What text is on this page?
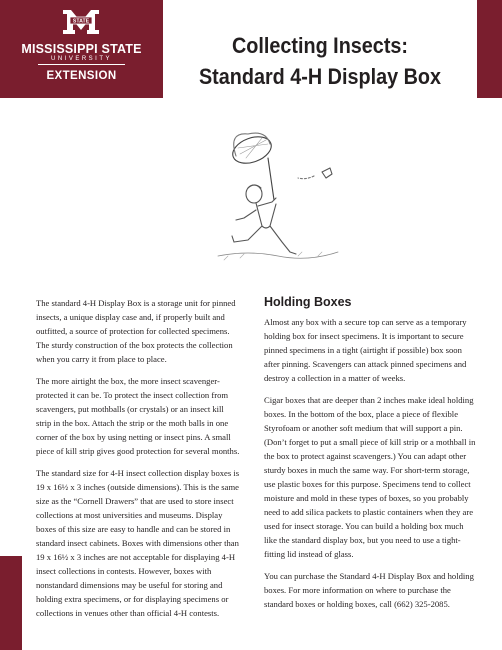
STATE
MISSISSIPPI STATE
UNIVERSITY
EXTENSION
Collecting Insects:
Standard 4-H Display Box

The standard 4-H Display Box is a storage unit for pinned insects, a unique display case and, if properly built and outfitted, a source of protection for collected specimens. The sturdy construction of the box protects the collection when you carry it from place to place.

The more airtight the box, the more insect scavenger-protected it can be. To protect the insect collection from scavengers, put mothballs (or crystals) or an insect kill strip in the box. Attach the strip or the moth balls in one corner of the box by using netting or insect pins. A small piece of kill strip gives good protection for several months.

The standard size for 4-H insect collection display boxes is 19 x 16½ x 3 inches (outside dimensions). This is the same size as the “Cornell Drawers” that are used to store insect collections at most universities and museums. Display boxes of this size are easy to handle and can be stored in standard insect cabinets. Boxes with dimensions other than 19 x 16½ x 3 inches are not acceptable for displaying 4-H insect collections in contests. However, boxes with nonstandard dimensions may be useful for storing and holding extra specimens, or for displaying specimens or collections in venues other than official 4-H contests.

Holding Boxes

Almost any box with a secure top can serve as a temporary holding box for insect specimens. It is important to secure pinned specimens in a tight (airtight if possible) box soon after pinning. Scavengers can attack pinned specimens and destroy a collection in a matter of weeks.

Cigar boxes that are deeper than 2 inches make ideal holding boxes. In the bottom of the box, place a piece of flexible Styrofoam or another soft medium that will support a pin. (Don’t forget to put a small piece of kill strip or a mothball in the box to protect against scavengers.) You can adapt other sturdy boxes in much the same way. For short-term storage, use plastic boxes for this purpose. Specimens tend to collect moisture and mold in these types of boxes, so you probably need to add silica packets to plastic containers when they are used for insect storage. You can build a holding box much like the standard display box, but you need to use a tight-fitting lid instead of glass.

You can purchase the Standard 4-H Display Box and holding boxes. For more information on where to purchase the standard boxes or holding boxes, call (662) 325-2085.
